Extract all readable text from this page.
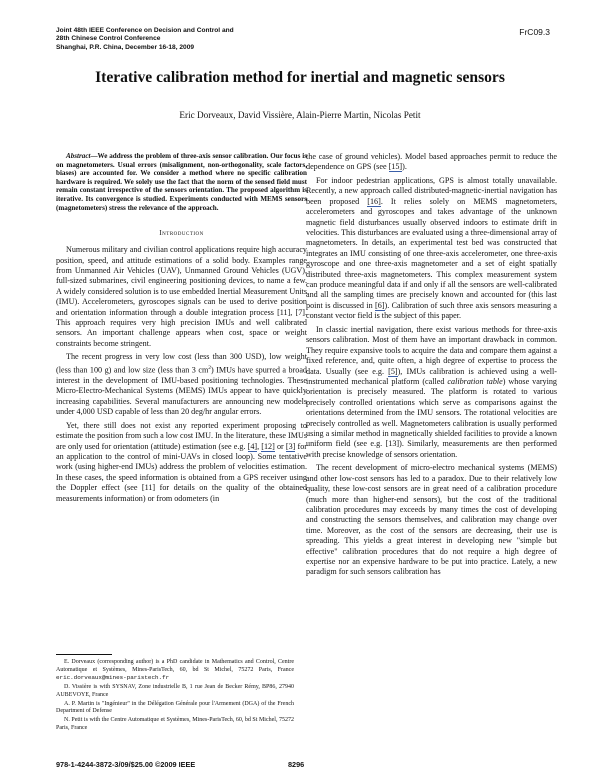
Joint 48th IEEE Conference on Decision and Control and
28th Chinese Control Conference
Shanghai, P.R. China, December 16-18, 2009
FrC09.3
Iterative calibration method for inertial and magnetic sensors
Eric Dorveaux, David Vissière, Alain-Pierre Martin, Nicolas Petit

Abstract—We address the problem of three-axis sensor calibration. Our focus is on magnetometers. Usual errors (misalignment, non-orthogonality, scale factors, biases) are accounted for. We consider a method where no specific calibration hardware is required. We solely use the fact that the norm of the sensed field must remain constant irrespective of the sensors orientation. The proposed algorithm is iterative. Its convergence is studied. Experiments conducted with MEMS sensors (magnetometers) stress the relevance of the approach.

Introduction

Numerous military and civilian control applications require high accuracy position, speed, and attitude estimations of a solid body. Examples range from Unmanned Air Vehicles (UAV), Unmanned Ground Vehicles (UGV), full-sized submarines, civil engineering positioning devices, to name a few. A widely considered solution is to use embedded Inertial Measurement Units (IMU). Accelerometers, gyroscopes signals can be used to derive position and orientation information through a double integration process [11], [7]. This approach requires very high precision IMUs and well calibrated sensors. An important challenge appears when cost, space or weight constraints become stringent.

The recent progress in very low cost (less than 300 USD), low weight (less than 100 g) and low size (less than 3 $cm^2$) IMUs have spurred a broad interest in the development of IMU-based positioning technologies. These Micro-Electro-Mechanical Systems (MEMS) IMUs appear to have quickly increasing capabilities. Several manufacturers are announcing new models under 4,000 USD capable of less than 20 deg/hr angular errors.

Yet, there still does not exist any reported experiment proposing to estimate the position from such a low cost IMU. In the literature, these IMUs are only used for orientation (attitude) estimation (see e.g. [4], [12] or [3] for an application to the control of mini-UAVs in closed loop). Some tentative work (using higher-end IMUs) address the problem of velocities estimation. In these cases, the speed information is obtained from a GPS receiver using the Doppler effect (see [11] for details on the quality of the obtained measurements information) or from odometers (in

the case of ground vehicles). Model based approaches permit to reduce the dependence on GPS (see [15]).

For indoor pedestrian applications, GPS is almost totally unavailable. Recently, a new approach called distributed-magnetic-inertial navigation has been proposed [16]. It relies solely on MEMS magnetometers, accelerometers and gyroscopes and takes advantage of the unknown magnetic field disturbances usually observed indoors to estimate drift in velocities. This disturbances are evaluated using a three-dimensional array of magnetometers. In details, an experimental test bed was constructed that integrates an IMU consisting of one three-axis accelerometer, one three-axis gyroscope and one three-axis magnetometer and a set of eight spatially distributed three-axis magnetometers. This complex measurement system can produce meaningful data if and only if all the sensors are well-calibrated and all the sampling times are precisely known and accounted for (this last point is discussed in [6]). Calibration of such three axis sensors measuring a constant vector field is the subject of this paper.

In classic inertial navigation, there exist various methods for three-axis sensors calibration. Most of them have an important drawback in common. They require expansive tools to acquire the data and compare them against a fixed reference, and, quite often, a high degree of expertise to process the data. Usually (see e.g. [5]), IMUs calibration is achieved using a well-instrumented mechanical platform (called calibration table) whose varying orientation is precisely measured. The platform is rotated to various precisely controlled orientations which serve as comparisons against the orientations determined from the IMU sensors. The rotational velocities are precisely controlled as well. Magnetometers calibration is usually performed using a similar method in magnetically shielded facilities to provide a known uniform field (see e.g. [13]). Similarly, measurements are then performed with precise knowledge of sensors orientation.

The recent development of micro-electro mechanical systems (MEMS) and other low-cost sensors has led to a paradox. Due to their relatively low quality, these low-cost sensors are in great need of a calibration procedure (much more than higher-end sensors), but the cost of the traditional calibration procedures may exceeds by many times the cost of developing and constructing the sensors themselves, and calibration may change over time. Moreover, as the cost of the sensors are decreasing, their use is spreading. This yields a great interest in developing new "simple but effective" calibration procedures that do not require a high degree of expertise nor an expensive hardware to be put into practice. Lately, a new paradigm for such sensors calibration has

E. Dorveaux (corresponding author) is a PhD candidate in Mathematics and Control, Centre Automatique et Systèmes, Mines-ParisTech, 60, bd St Michel, 75272 Paris, France eric.dorveaux@mines-paristech.fr

D. Vissière is with SYSNAV, Zone industrielle B, 1 rue Jean de Becker Rémy, BP86, 27940 AUBEVOYE, France

A. P. Martin is "Ingénieur" in the Délégation Générale pour l'Armement (DGA) of the French Department of Defense

N. Petit is with the Centre Automatique et Systèmes, Mines-ParisTech, 60, bd St Michel, 75272 Paris, France

978-1-4244-3872-3/09/$25.00 ©2009 IEEE	8296
